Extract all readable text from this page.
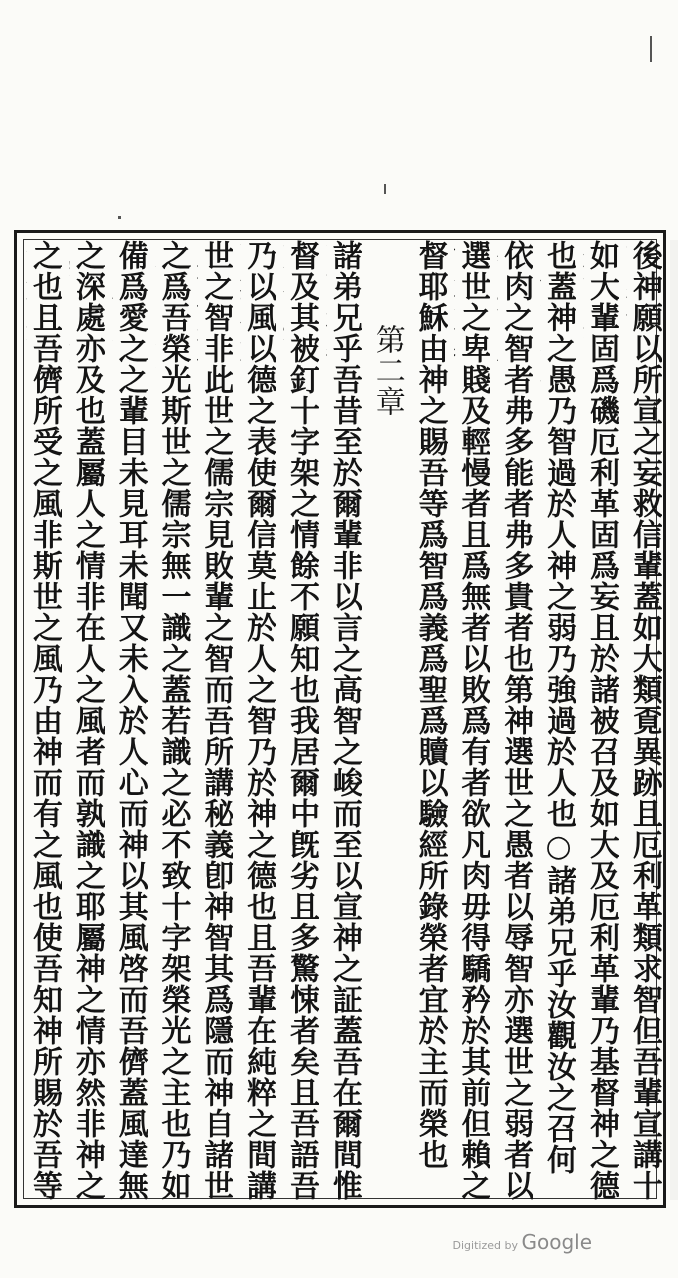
後神願以所宣之妄救信輩蓋如大類覔異跡且厄利革類求智但吾輩宣講十
如大輩固爲磯厄利革固爲妄且於諸被召及如大及厄利革輩乃基督神之德
也蓋神之愚乃智過於人神之弱乃強過於人也○諸弟兄乎汝觀汝之召何
依肉之智者弗多能者弗多貴者也第神選世之愚者以辱智亦選世之弱者以
選世之卑賤及輕慢者且爲無者以敗爲有者欲凡肉毋得驕矜於其前但賴之
督耶穌由神之賜吾等爲智爲義爲聖爲贖以驗經所錄榮者宜於主而榮也
第二章
諸弟兄乎吾昔至於爾輩非以言之高智之峻而至以宣神之証蓋吾在爾間惟
督及其被釘十字架之情餘不願知也我居爾中旣劣且多驚悚者矣且吾語吾
乃以風以德之表使爾信莫止於人之智乃於神之德也且吾輩在純粹之間講
世之智非此世之儒宗見敗輩之智而吾所講秘義卽神智其爲隱而神自諸世
之爲吾榮光斯世之儒宗無一識之蓋若識之必不致十字架榮光之主也乃如
備爲愛之之輩目未見耳未聞又未入於人心而神以其風啓而吾儕蓋風達無
之深處亦及也蓋屬人之情非在人之風者而孰識之耶屬神之情亦然非神之
之也且吾儕所受之風非斯世之風乃由神而有之風也使吾知神所賜於吾等
Digitized by Google
